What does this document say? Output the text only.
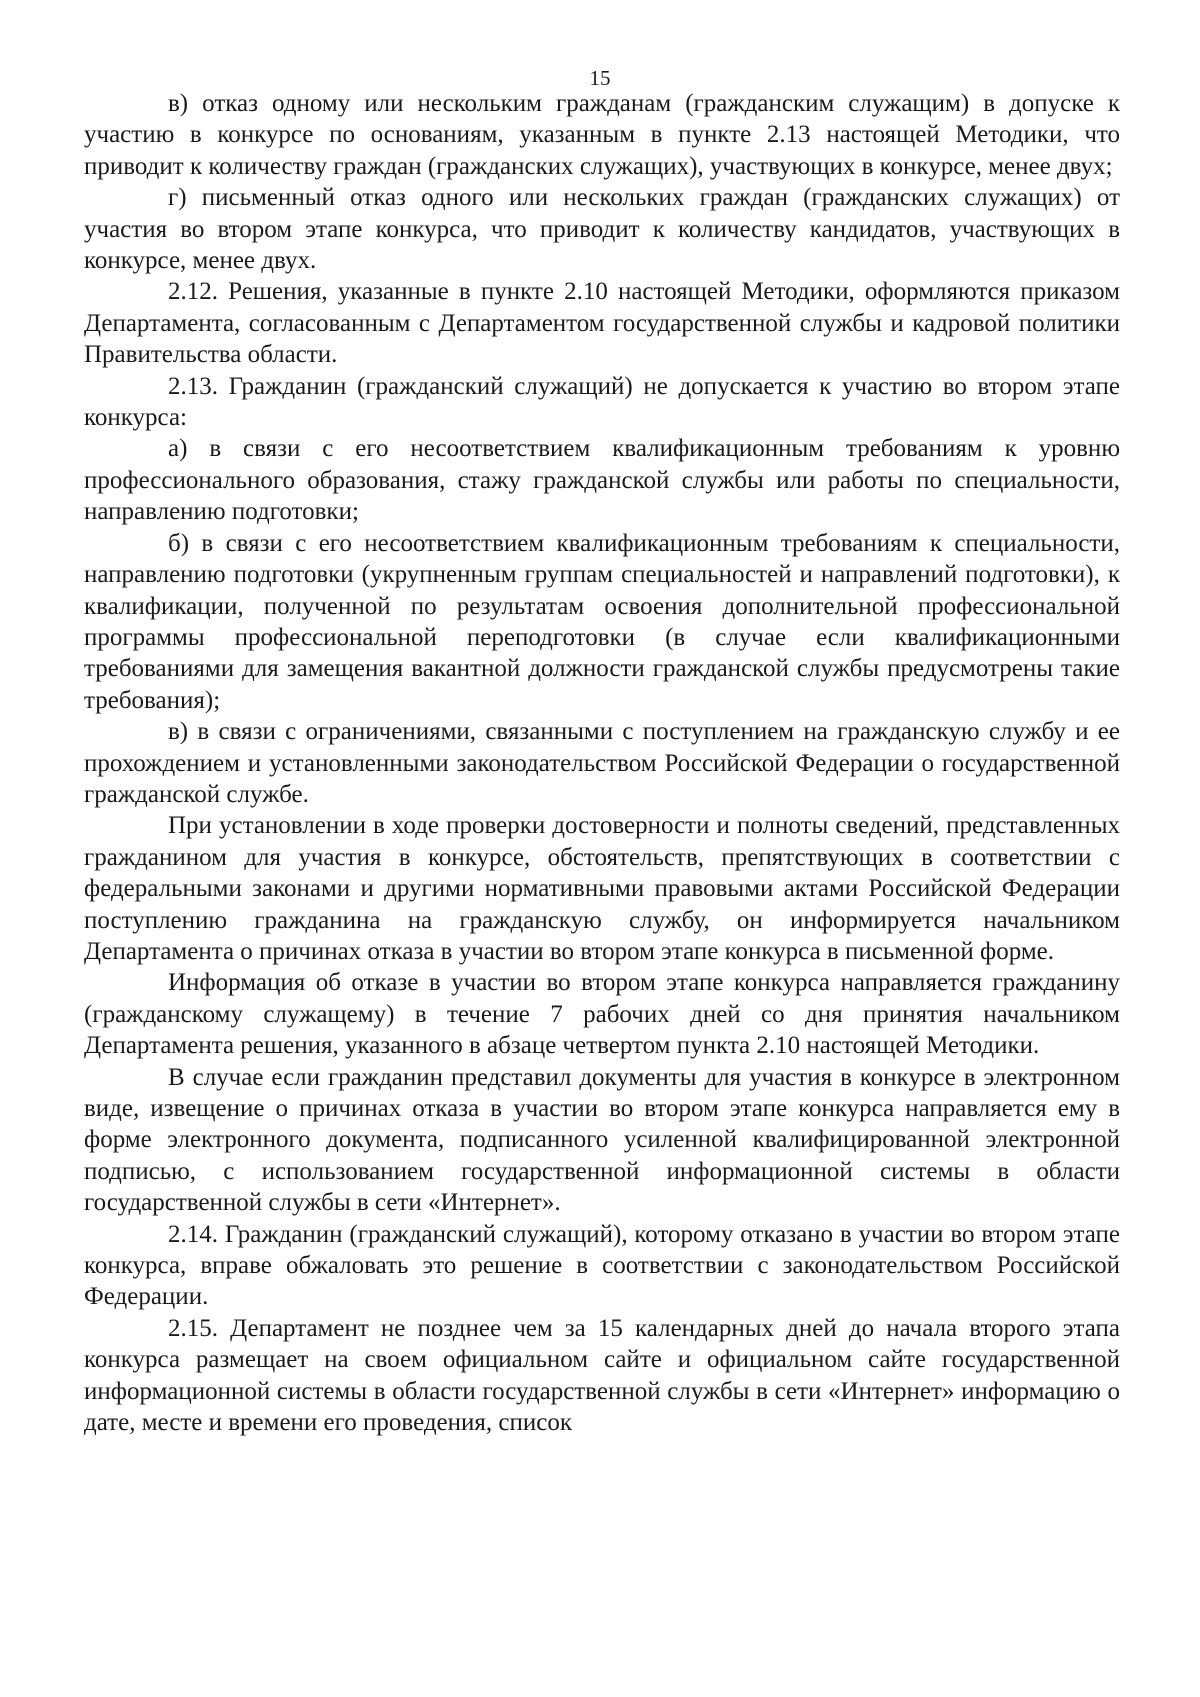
15

в) отказ одному или нескольким гражданам (гражданским служащим) в допуске к участию в конкурсе по основаниям, указанным в пункте 2.13 настоящей Методики, что приводит к количеству граждан (гражданских служащих), участвующих в конкурсе, менее двух;

г) письменный отказ одного или нескольких граждан (гражданских служащих) от участия во втором этапе конкурса, что приводит к количеству кандидатов, участвующих в конкурсе, менее двух.

2.12. Решения, указанные в пункте 2.10 настоящей Методики, оформляются приказом Департамента, согласованным с Департаментом государственной службы и кадровой политики Правительства области.

2.13. Гражданин (гражданский служащий) не допускается к участию во втором этапе конкурса:

а) в связи с его несоответствием квалификационным требованиям к уровню профессионального образования, стажу гражданской службы или работы по специальности, направлению подготовки;

б) в связи с его несоответствием квалификационным требованиям к специальности, направлению подготовки (укрупненным группам специальностей и направлений подготовки), к квалификации, полученной по результатам освоения дополнительной профессиональной программы профессиональной переподготовки (в случае если квалификационными требованиями для замещения вакантной должности гражданской службы предусмотрены такие требования);

в) в связи с ограничениями, связанными с поступлением на гражданскую службу и ее прохождением и установленными законодательством Российской Федерации о государственной гражданской службе.

При установлении в ходе проверки достоверности и полноты сведений, представленных гражданином для участия в конкурсе, обстоятельств, препятствующих в соответствии с федеральными законами и другими нормативными правовыми актами Российской Федерации поступлению гражданина на гражданскую службу, он информируется начальником Департамента о причинах отказа в участии во втором этапе конкурса в письменной форме.

Информация об отказе в участии во втором этапе конкурса направляется гражданину (гражданскому служащему) в течение 7 рабочих дней со дня принятия начальником Департамента решения, указанного в абзаце четвертом пункта 2.10 настоящей Методики.

В случае если гражданин представил документы для участия в конкурсе в электронном виде, извещение о причинах отказа в участии во втором этапе конкурса направляется ему в форме электронного документа, подписанного усиленной квалифицированной электронной подписью, с использованием государственной информационной системы в области государственной службы в сети «Интернет».

2.14. Гражданин (гражданский служащий), которому отказано в участии во втором этапе конкурса, вправе обжаловать это решение в соответствии с законодательством Российской Федерации.

2.15. Департамент не позднее чем за 15 календарных дней до начала второго этапа конкурса размещает на своем официальном сайте и официальном сайте государственной информационной системы в области государственной службы в сети «Интернет» информацию о дате, месте и времени его проведения, список
